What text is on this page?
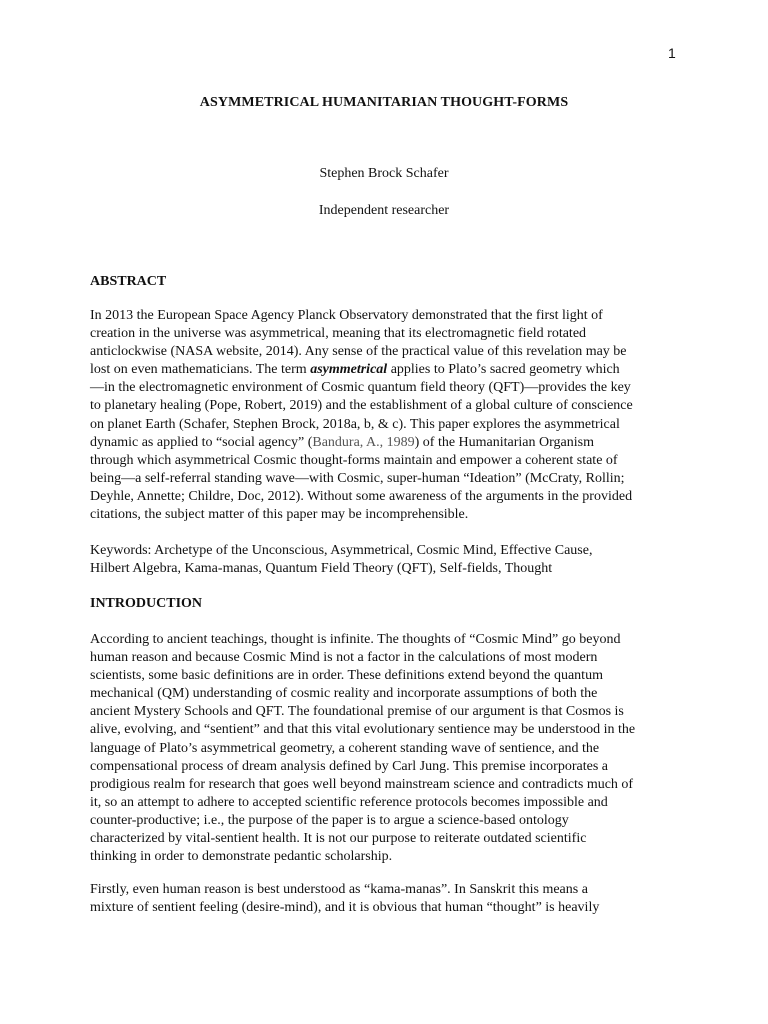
1
ASYMMETRICAL HUMANITARIAN THOUGHT-FORMS
Stephen Brock Schafer
Independent researcher
ABSTRACT
In 2013 the European Space Agency Planck Observatory demonstrated that the first light of
creation in the universe was asymmetrical, meaning that its electromagnetic field rotated
anticlockwise (NASA website, 2014). Any sense of the practical value of this revelation may be
lost on even mathematicians. The term asymmetrical applies to Plato’s sacred geometry which
—in the electromagnetic environment of Cosmic quantum field theory (QFT)—provides the key
to planetary healing (Pope, Robert, 2019) and the establishment of a global culture of conscience
on planet Earth (Schafer, Stephen Brock, 2018a, b, & c). This paper explores the asymmetrical
dynamic as applied to “social agency” (Bandura, A., 1989) of the Humanitarian Organism
through which asymmetrical Cosmic thought-forms maintain and empower a coherent state of
being—a self-referral standing wave—with Cosmic, super-human “Ideation” (McCraty, Rollin;
Deyhle, Annette; Childre, Doc, 2012). Without some awareness of the arguments in the provided
citations, the subject matter of this paper may be incomprehensible.
Keywords: Archetype of the Unconscious, Asymmetrical, Cosmic Mind, Effective Cause,
Hilbert Algebra, Kama-manas, Quantum Field Theory (QFT), Self-fields, Thought
INTRODUCTION
According to ancient teachings, thought is infinite. The thoughts of “Cosmic Mind” go beyond
human reason and because Cosmic Mind is not a factor in the calculations of most modern
scientists, some basic definitions are in order. These definitions extend beyond the quantum
mechanical (QM) understanding of cosmic reality and incorporate assumptions of both the
ancient Mystery Schools and QFT. The foundational premise of our argument is that Cosmos is
alive, evolving, and “sentient” and that this vital evolutionary sentience may be understood in the
language of Plato’s asymmetrical geometry, a coherent standing wave of sentience, and the
compensational process of dream analysis defined by Carl Jung. This premise incorporates a
prodigious realm for research that goes well beyond mainstream science and contradicts much of
it, so an attempt to adhere to accepted scientific reference protocols becomes impossible and
counter-productive; i.e., the purpose of the paper is to argue a science-based ontology
characterized by vital-sentient health. It is not our purpose to reiterate outdated scientific
thinking in order to demonstrate pedantic scholarship.
Firstly, even human reason is best understood as “kama-manas”. In Sanskrit this means a
mixture of sentient feeling (desire-mind), and it is obvious that human “thought” is heavily
